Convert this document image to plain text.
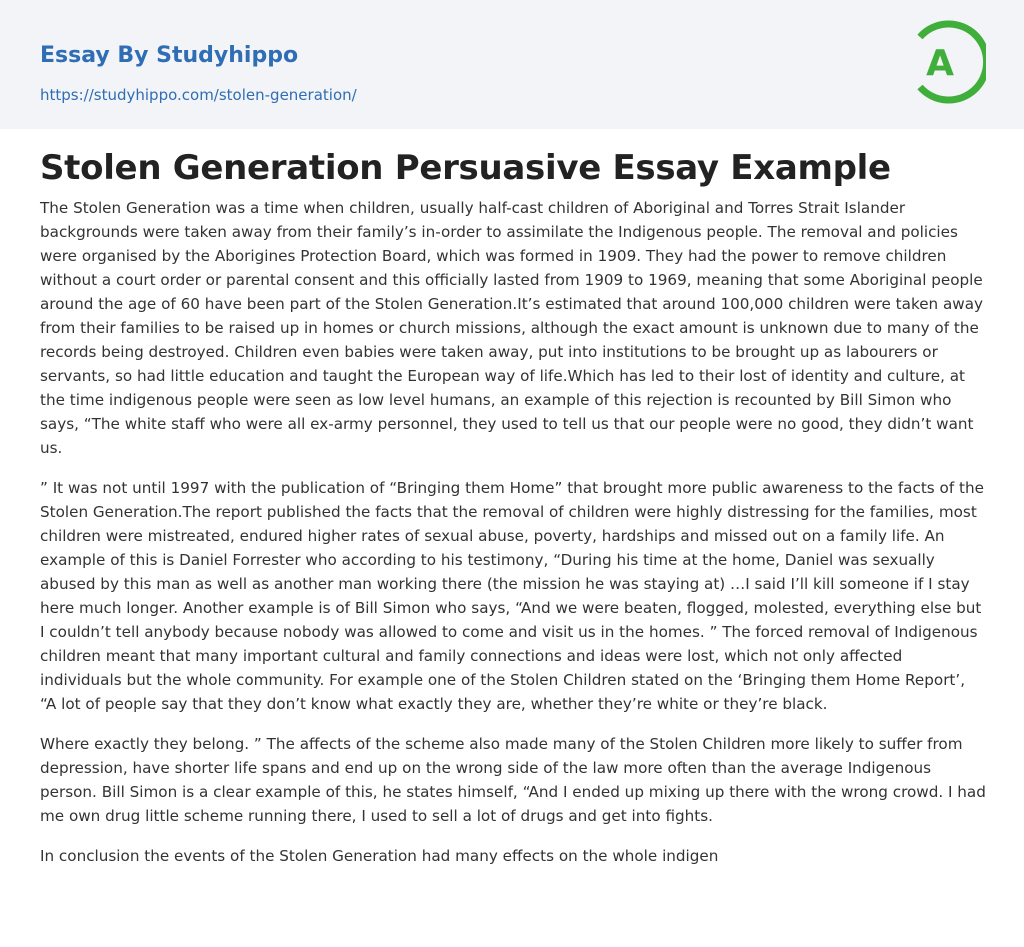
Essay By Studyhippo
https://studyhippo.com/stolen-generation/
A
Stolen Generation Persuasive Essay Example

The Stolen Generation was a time when children, usually half-cast children of Aboriginal and Torres Strait Islander backgrounds were taken away from their family’s in-order to assimilate the Indigenous people. The removal and policies were organised by the Aborigines Protection Board, which was formed in 1909. They had the power to remove children without a court order or parental consent and this officially lasted from 1909 to 1969, meaning that some Aboriginal people around the age of 60 have been part of the Stolen Generation.It’s estimated that around 100,000 children were taken away from their families to be raised up in homes or church missions, although the exact amount is unknown due to many of the records being destroyed. Children even babies were taken away, put into institutions to be brought up as labourers or servants, so had little education and taught the European way of life.Which has led to their lost of identity and culture, at the time indigenous people were seen as low level humans, an example of this rejection is recounted by Bill Simon who says, “The white staff who were all ex-army personnel, they used to tell us that our people were no good, they didn’t want us.

” It was not until 1997 with the publication of “Bringing them Home” that brought more public awareness to the facts of the Stolen Generation.The report published the facts that the removal of children were highly distressing for the families, most children were mistreated, endured higher rates of sexual abuse, poverty, hardships and missed out on a family life. An example of this is Daniel Forrester who according to his testimony, “During his time at the home, Daniel was sexually abused by this man as well as another man working there (the mission he was staying at) …I said I’ll kill someone if I stay here much longer. Another example is of Bill Simon who says, “And we were beaten, flogged, molested, everything else but I couldn’t tell anybody because nobody was allowed to come and visit us in the homes. ” The forced removal of Indigenous children meant that many important cultural and family connections and ideas were lost, which not only affected individuals but the whole community. For example one of the Stolen Children stated on the ‘Bringing them Home Report’, “A lot of people say that they don’t know what exactly they are, whether they’re white or they’re black.

Where exactly they belong. ” The affects of the scheme also made many of the Stolen Children more likely to suffer from depression, have shorter life spans and end up on the wrong side of the law more often than the average Indigenous person. Bill Simon is a clear example of this, he states himself, “And I ended up mixing up there with the wrong crowd. I had me own drug little scheme running there, I used to sell a lot of drugs and get into fights.

In conclusion the events of the Stolen Generation had many effects on the whole indigen
